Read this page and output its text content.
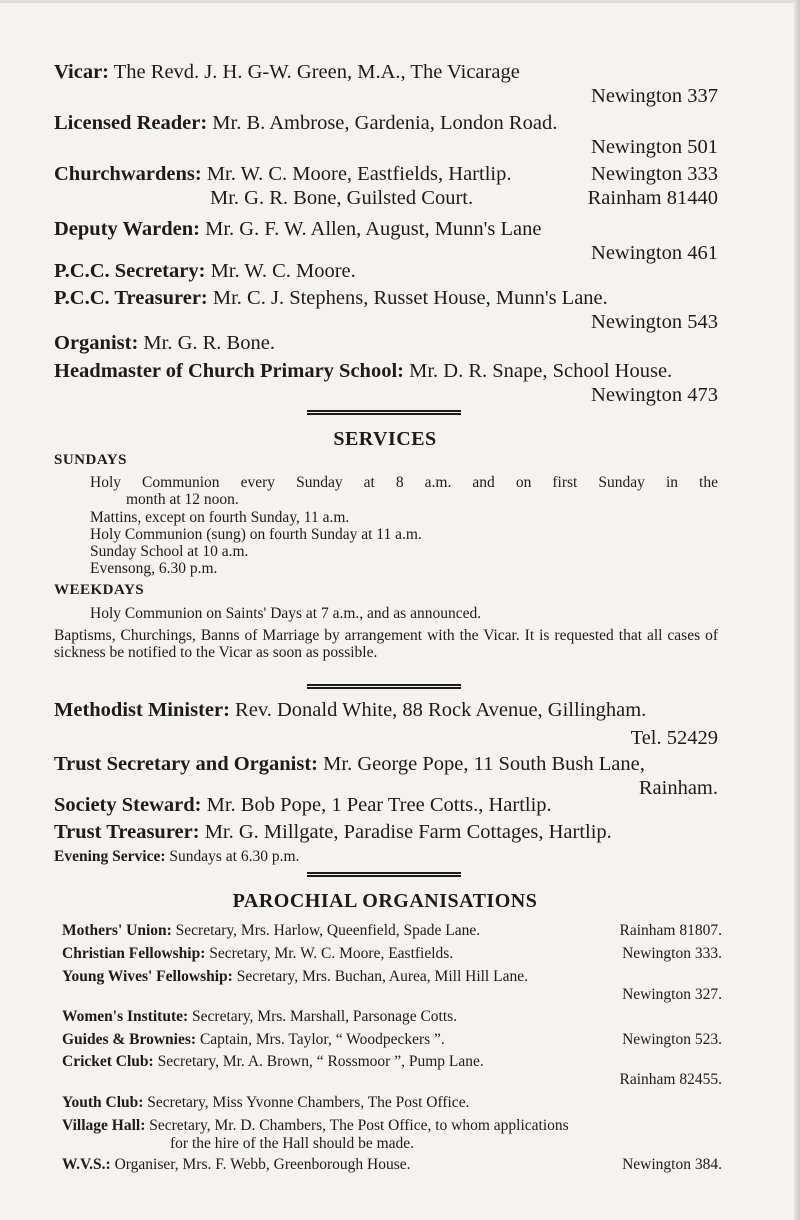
Vicar: The Revd. J. H. G-W. Green, M.A., The Vicarage
Newington 337
Licensed Reader: Mr. B. Ambrose, Gardenia, London Road.
Newington 501
Churchwardens: Mr. W. C. Moore, Eastfields, Hartlip.	Newington 333
Mr. G. R. Bone, Guilsted Court.	Rainham 81440
Deputy Warden: Mr. G. F. W. Allen, August, Munn's Lane
Newington 461
P.C.C. Secretary: Mr. W. C. Moore.
P.C.C. Treasurer: Mr. C. J. Stephens, Russet House, Munn's Lane.
Newington 543
Organist: Mr. G. R. Bone.
Headmaster of Church Primary School: Mr. D. R. Snape, School House.
Newington 473
SERVICES
SUNDAYS
Holy Communion every Sunday at 8 a.m. and on first Sunday in the
month at 12 noon.
Mattins, except on fourth Sunday, 11 a.m.
Holy Communion (sung) on fourth Sunday at 11 a.m.
Sunday School at 10 a.m.
Evensong, 6.30 p.m.
WEEKDAYS
Holy Communion on Saints' Days at 7 a.m., and as announced.
Baptisms, Churchings, Banns of Marriage by arrangement with the Vicar. It is requested that all cases of sickness be notified to the Vicar as soon as possible.
Methodist Minister: Rev. Donald White, 88 Rock Avenue, Gillingham.
Tel. 52429
Trust Secretary and Organist: Mr. George Pope, 11 South Bush Lane,
Rainham.
Society Steward: Mr. Bob Pope, 1 Pear Tree Cotts., Hartlip.
Trust Treasurer: Mr. G. Millgate, Paradise Farm Cottages, Hartlip.
Evening Service: Sundays at 6.30 p.m.
PAROCHIAL ORGANISATIONS
Mothers' Union: Secretary, Mrs. Harlow, Queenfield, Spade Lane.	Rainham 81807.
Christian Fellowship: Secretary, Mr. W. C. Moore, Eastfields.	Newington 333.
Young Wives' Fellowship: Secretary, Mrs. Buchan, Aurea, Mill Hill Lane.
Newington 327.
Women's Institute: Secretary, Mrs. Marshall, Parsonage Cotts.
Guides & Brownies: Captain, Mrs. Taylor, “ Woodpeckers ”.	Newington 523.
Cricket Club: Secretary, Mr. A. Brown, “ Rossmoor ”, Pump Lane.
Rainham 82455.
Youth Club: Secretary, Miss Yvonne Chambers, The Post Office.
Village Hall: Secretary, Mr. D. Chambers, The Post Office, to whom applications
for the hire of the Hall should be made.
W.V.S.: Organiser, Mrs. F. Webb, Greenborough House.	Newington 384.
